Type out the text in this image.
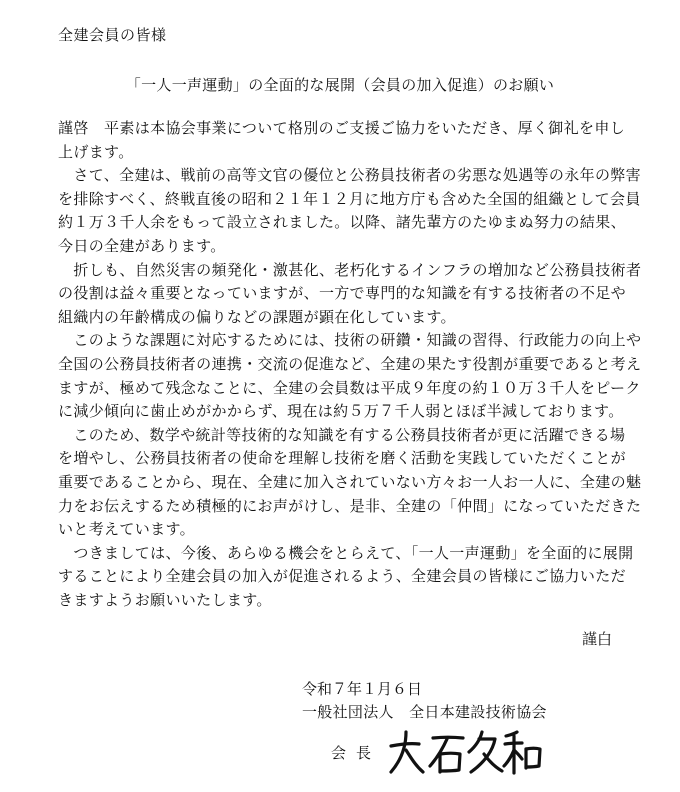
全建会員の皆様
「一人一声運動」の全面的な展開（会員の加入促進）のお願い
謹啓　平素は本協会事業について格別のご支援ご協力をいただき、厚く御礼を申し
上げます。
　さて、全建は、戦前の高等文官の優位と公務員技術者の劣悪な処遇等の永年の弊害
を排除すべく、終戦直後の昭和２１年１２月に地方庁も含めた全国的組織として会員
約１万３千人余をもって設立されました。以降、諸先輩方のたゆまぬ努力の結果、
今日の全建があります。
　折しも、自然災害の頻発化・激甚化、老朽化するインフラの増加など公務員技術者
の役割は益々重要となっていますが、一方で専門的な知識を有する技術者の不足や
組織内の年齢構成の偏りなどの課題が顕在化しています。
　このような課題に対応するためには、技術の研鑽・知識の習得、行政能力の向上や
全国の公務員技術者の連携・交流の促進など、全建の果たす役割が重要であると考え
ますが、極めて残念なことに、全建の会員数は平成９年度の約１０万３千人をピーク
に減少傾向に歯止めがかからず、現在は約５万７千人弱とほぼ半減しております。
　このため、数学や統計等技術的な知識を有する公務員技術者が更に活躍できる場
を増やし、公務員技術者の使命を理解し技術を磨く活動を実践していただくことが
重要であることから、現在、全建に加入されていない方々お一人お一人に、全建の魅
力をお伝えするため積極的にお声がけし、是非、全建の「仲間」になっていただきた
いと考えています。
　つきましては、今後、あらゆる機会をとらえて、「一人一声運動」を全面的に展開
することにより全建会員の加入が促進されるよう、全建会員の皆様にご協力いただ
きますようお願いいたします。
謹白
令和７年１月６日
一般社団法人　全日本建設技術協会
会長
